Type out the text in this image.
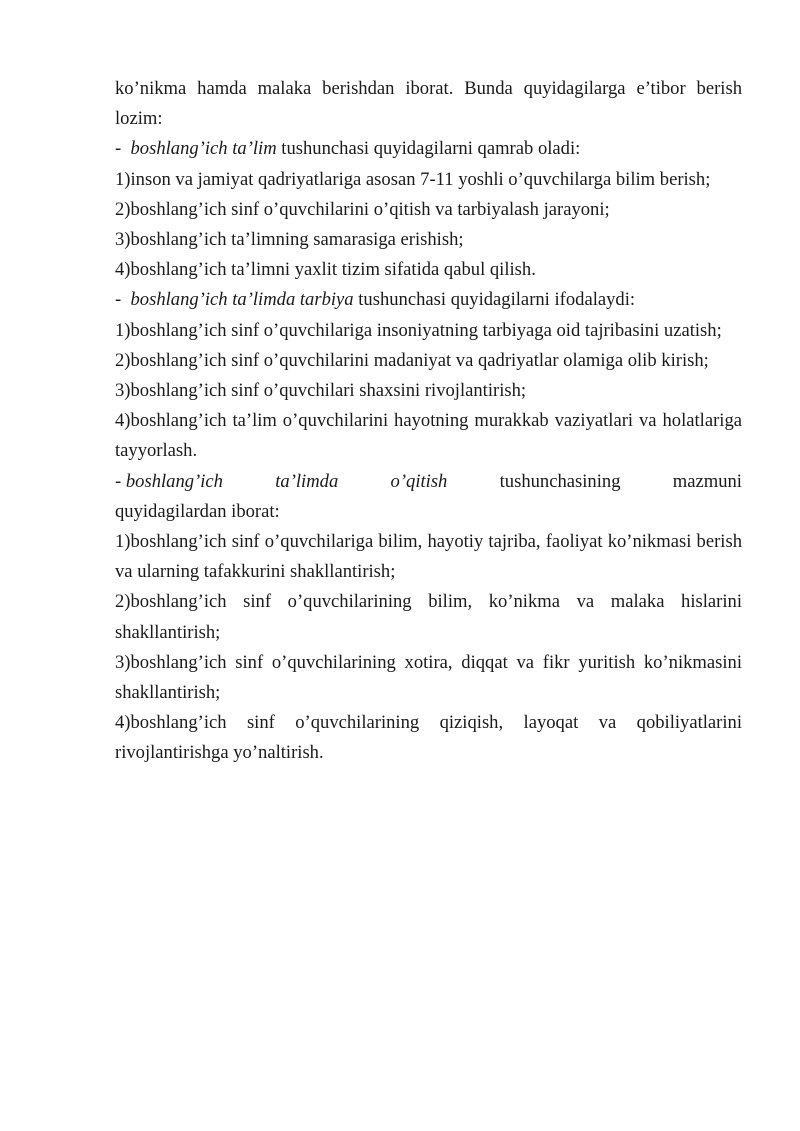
ko’nikma hamda malaka berishdan iborat. Bunda quyidagilarga e’tibor berish lozim:

- boshlang’ich ta’lim tushunchasi quyidagilarni qamrab oladi:

1)inson va jamiyat qadriyatlariga asosan 7-11 yoshli o’quvchilarga bilim berish;

2)boshlang’ich sinf o’quvchilarini o’qitish va tarbiyalash jarayoni;

3)boshlang’ich ta’limning samarasiga erishish;

4)boshlang’ich ta’limni yaxlit tizim sifatida qabul qilish.

- boshlang’ich ta’limda tarbiya tushunchasi quyidagilarni ifodalaydi:

1)boshlang’ich sinf o’quvchilariga insoniyatning tarbiyaga oid tajribasini uzatish;

2)boshlang’ich sinf o’quvchilarini madaniyat va qadriyatlar olamiga olib kirish;

3)boshlang’ich sinf o’quvchilari shaxsini rivojlantirish;

4)boshlang’ich ta’lim o’quvchilarini hayotning murakkab vaziyatlari va holatlariga tayyorlash.

- boshlang’ich	ta’limda	o’qitish	tushunchasining	mazmuni
quyidagilardan iborat:

1)boshlang’ich sinf o’quvchilariga bilim, hayotiy tajriba, faoliyat ko’nikmasi berish va ularning tafakkurini shakllantirish;

2)boshlang’ich sinf o’quvchilarining bilim, ko’nikma va malaka hislarini shakllantirish;

3)boshlang’ich sinf o’quvchilarining xotira, diqqat va fikr yuritish ko’nikmasini shakllantirish;

4)boshlang’ich sinf o’quvchilarining qiziqish, layoqat va qobiliyatlarini rivojlantirishga yo’naltirish.
